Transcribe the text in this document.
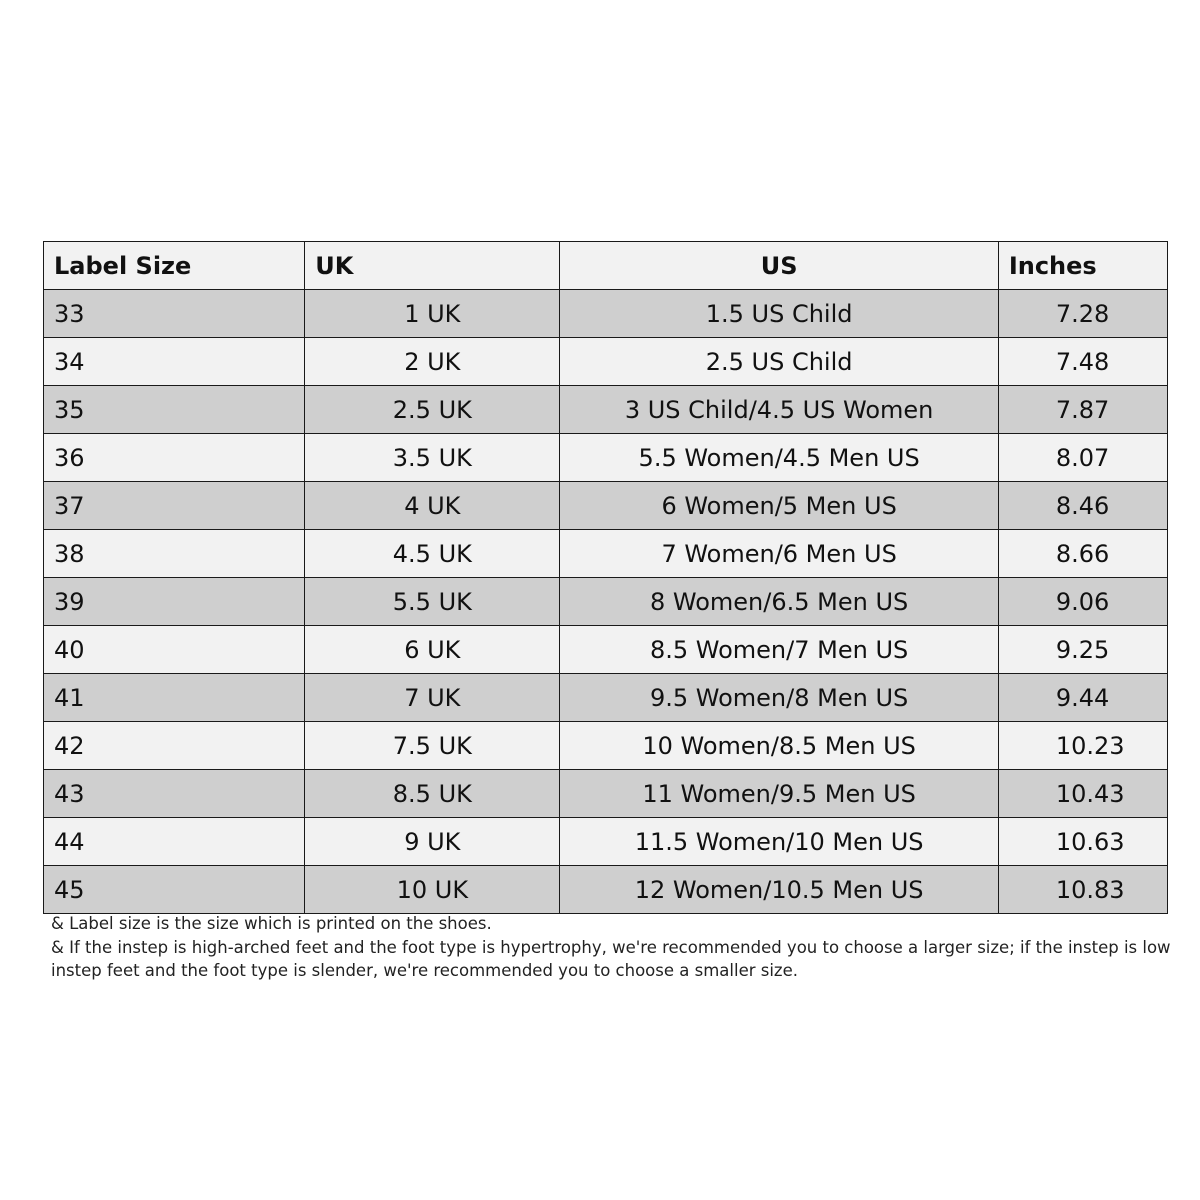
Label Size	UK	US	Inches
33	1 UK	1.5 US Child	7.28
34	2 UK	2.5 US Child	7.48
35	2.5 UK	3 US Child/4.5 US Women	7.87
36	3.5 UK	5.5 Women/4.5 Men US	8.07
37	4 UK	6 Women/5 Men US	8.46
38	4.5 UK	7 Women/6 Men US	8.66
39	5.5 UK	8 Women/6.5 Men US	9.06
40	6 UK	8.5 Women/7 Men US	9.25
41	7 UK	9.5 Women/8 Men US	9.44
42	7.5 UK	10 Women/8.5 Men US	10.23
43	8.5 UK	11 Women/9.5 Men US	10.43
44	9 UK	11.5 Women/10 Men US	10.63
45	10 UK	12 Women/10.5 Men US	10.83

& Label size is the size which is printed on the shoes.

& If the instep is high-arched feet and the foot type is hypertrophy, we're recommended you to choose a larger size; if the instep is low instep feet and the foot type is slender, we're recommended you to choose a smaller size.
